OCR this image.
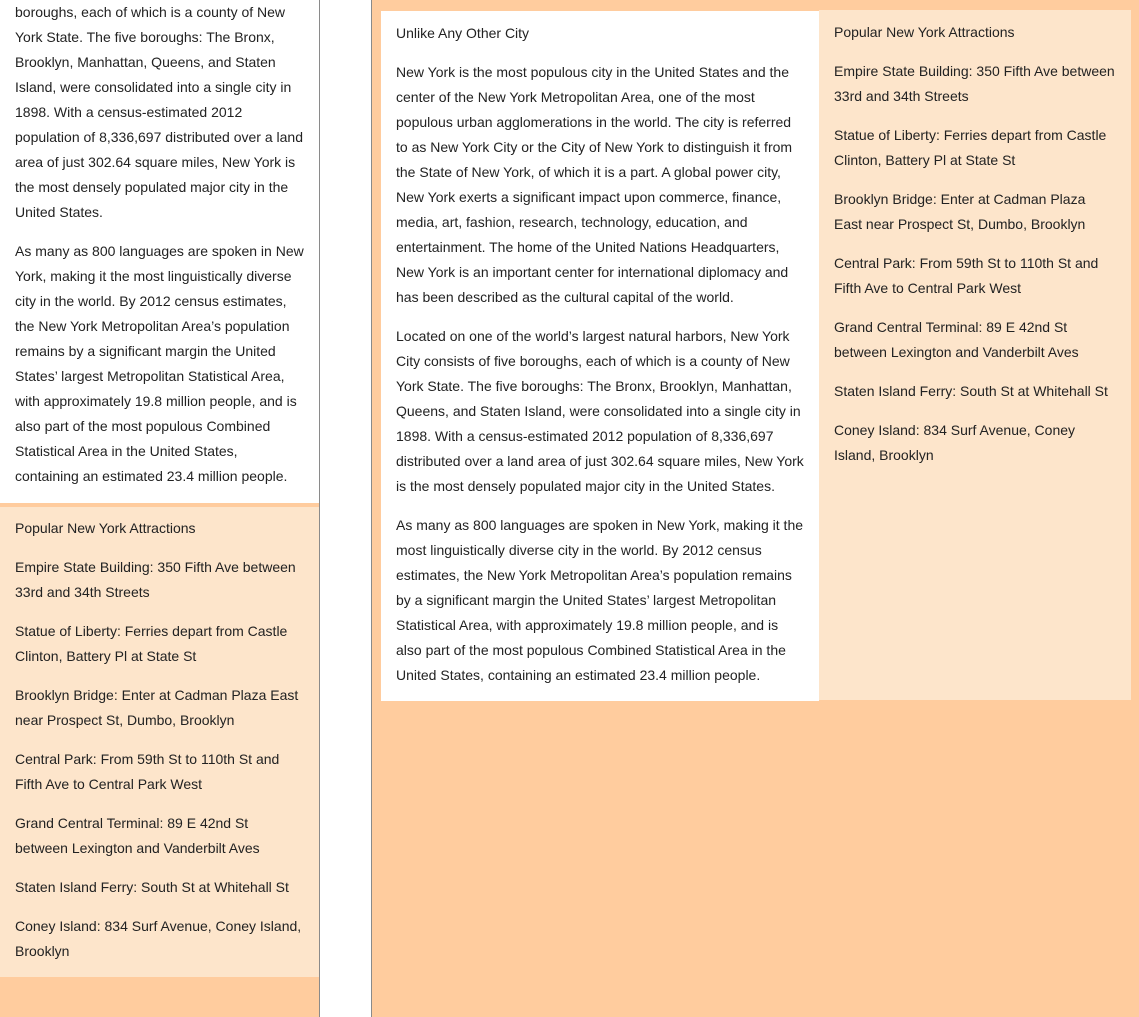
boroughs, each of which is a county of New York State. The five boroughs: The Bronx, Brooklyn, Manhattan, Queens, and Staten Island, were consolidated into a single city in 1898. With a census-estimated 2012 population of 8,336,697 distributed over a land area of just 302.64 square miles, New York is the most densely populated major city in the United States.

As many as 800 languages are spoken in New York, making it the most linguistically diverse city in the world. By 2012 census estimates, the New York Metropolitan Area’s population remains by a significant margin the United States’ largest Metropolitan Statistical Area, with approximately 19.8 million people, and is also part of the most populous Combined Statistical Area in the United States, containing an estimated 23.4 million people.

Popular New York Attractions

Empire State Building: 350 Fifth Ave between 33rd and 34th Streets

Statue of Liberty: Ferries depart from Castle Clinton, Battery Pl at State St

Brooklyn Bridge: Enter at Cadman Plaza East near Prospect St, Dumbo, Brooklyn

Central Park: From 59th St to 110th St and Fifth Ave to Central Park West

Grand Central Terminal: 89 E 42nd St between Lexington and Vanderbilt Aves

Staten Island Ferry: South St at Whitehall St

Coney Island: 834 Surf Avenue, Coney Island, Brooklyn

Unlike Any Other City

New York is the most populous city in the United States and the center of the New York Metropolitan Area, one of the most populous urban agglomerations in the world. The city is referred to as New York City or the City of New York to distinguish it from the State of New York, of which it is a part. A global power city, New York exerts a significant impact upon commerce, finance, media, art, fashion, research, technology, education, and entertainment. The home of the United Nations Headquarters, New York is an important center for international diplomacy and has been described as the cultural capital of the world.

Located on one of the world’s largest natural harbors, New York City consists of five boroughs, each of which is a county of New York State. The five boroughs: The Bronx, Brooklyn, Manhattan, Queens, and Staten Island, were consolidated into a single city in 1898. With a census-estimated 2012 population of 8,336,697 distributed over a land area of just 302.64 square miles, New York is the most densely populated major city in the United States.

As many as 800 languages are spoken in New York, making it the most linguistically diverse city in the world. By 2012 census estimates, the New York Metropolitan Area’s population remains by a significant margin the United States’ largest Metropolitan Statistical Area, with approximately 19.8 million people, and is also part of the most populous Combined Statistical Area in the United States, containing an estimated 23.4 million people.

Popular New York Attractions

Empire State Building: 350 Fifth Ave between 33rd and 34th Streets

Statue of Liberty: Ferries depart from Castle Clinton, Battery Pl at State St

Brooklyn Bridge: Enter at Cadman Plaza East near Prospect St, Dumbo, Brooklyn

Central Park: From 59th St to 110th St and Fifth Ave to Central Park West

Grand Central Terminal: 89 E 42nd St between Lexington and Vanderbilt Aves

Staten Island Ferry: South St at Whitehall St

Coney Island: 834 Surf Avenue, Coney Island, Brooklyn
